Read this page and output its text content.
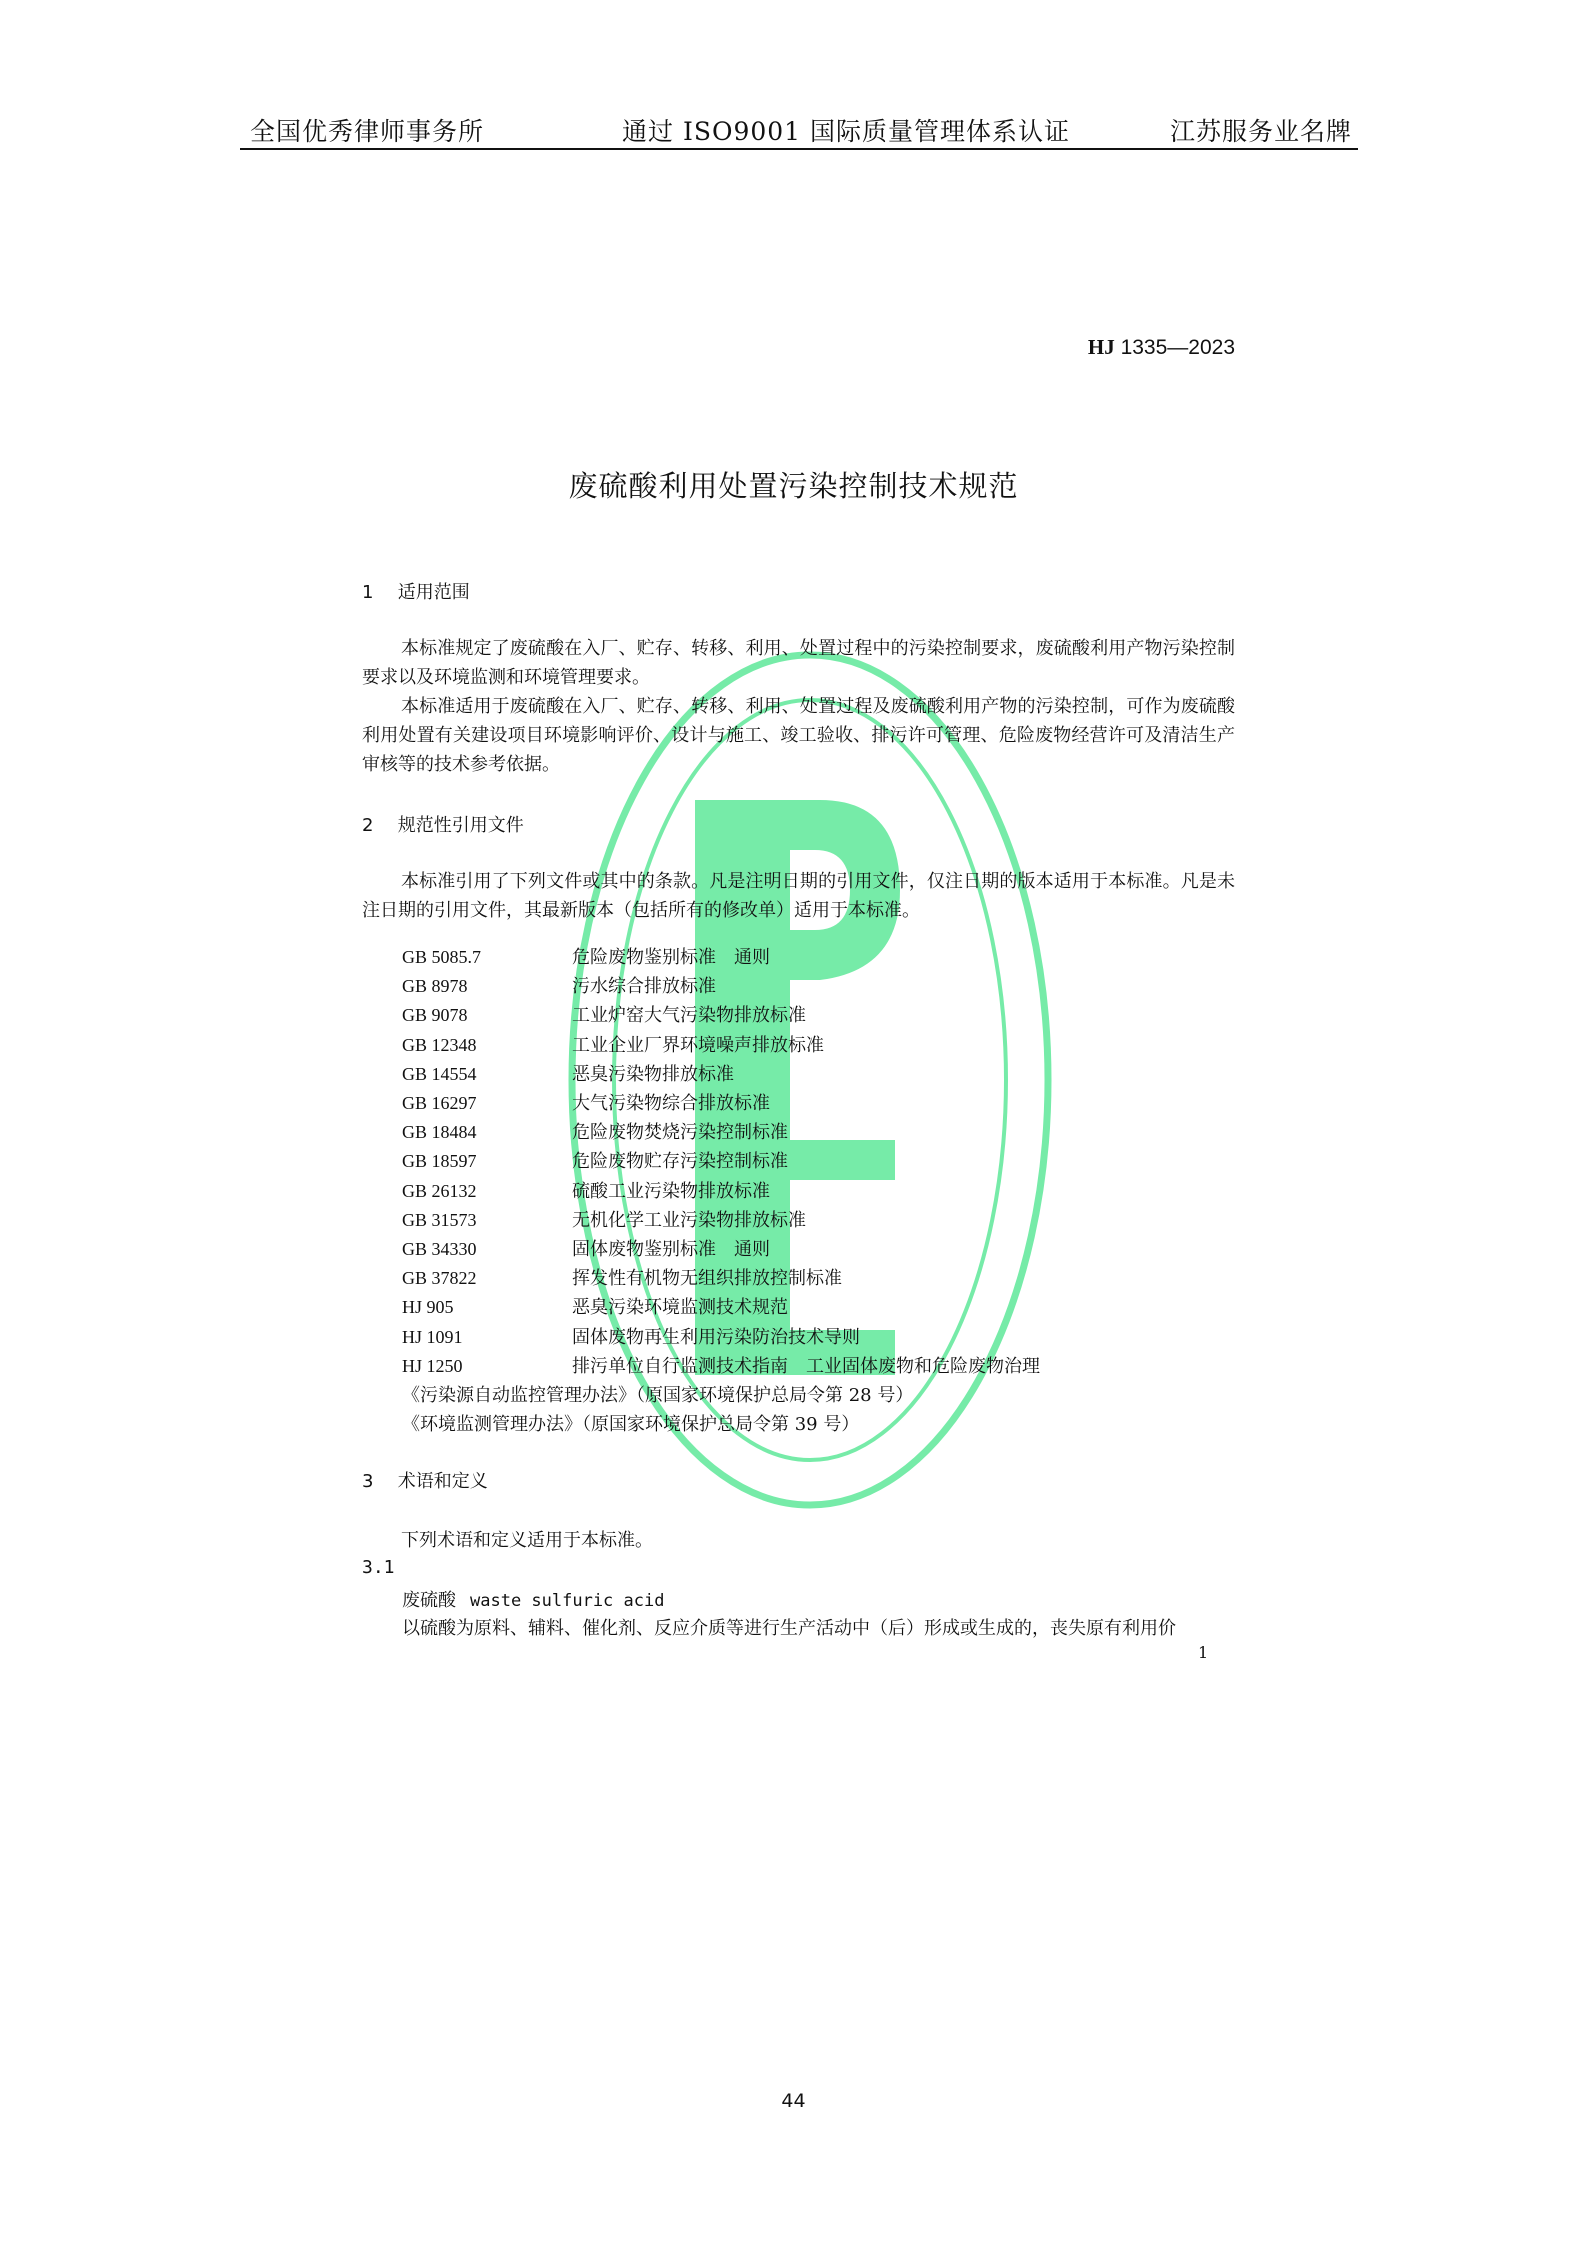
全国优秀律师事务所	通过 ISO9001 国际质量管理体系认证	江苏服务业名牌
HJ 1335—2023
废硫酸利用处置污染控制技术规范
1 适用范围
本标准规定了废硫酸在入厂、贮存、转移、利用、处置过程中的污染控制要求，废硫酸利用产物污染控制要求以及环境监测和环境管理要求。
本标准适用于废硫酸在入厂、贮存、转移、利用、处置过程及废硫酸利用产物的污染控制，可作为废硫酸利用处置有关建设项目环境影响评价、设计与施工、竣工验收、排污许可管理、危险废物经营许可及清洁生产审核等的技术参考依据。
2 规范性引用文件
本标准引用了下列文件或其中的条款。凡是注明日期的引用文件，仅注日期的版本适用于本标准。凡是未注日期的引用文件，其最新版本（包括所有的修改单）适用于本标准。
GB 5085.7	危险废物鉴别标准　通则
GB 8978	污水综合排放标准
GB 9078	工业炉窑大气污染物排放标准
GB 12348	工业企业厂界环境噪声排放标准
GB 14554	恶臭污染物排放标准
GB 16297	大气污染物综合排放标准
GB 18484	危险废物焚烧污染控制标准
GB 18597	危险废物贮存污染控制标准
GB 26132	硫酸工业污染物排放标准
GB 31573	无机化学工业污染物排放标准
GB 34330	固体废物鉴别标准　通则
GB 37822	挥发性有机物无组织排放控制标准
HJ 905	恶臭污染环境监测技术规范
HJ 1091	固体废物再生利用污染防治技术导则
HJ 1250	排污单位自行监测技术指南　工业固体废物和危险废物治理
《污染源自动监控管理办法》（原国家环境保护总局令第 28 号）
《环境监测管理办法》（原国家环境保护总局令第 39 号）
3 术语和定义
下列术语和定义适用于本标准。
3.1
废硫酸 waste sulfuric acid
以硫酸为原料、辅料、催化剂、反应介质等进行生产活动中（后）形成或生成的，丧失原有利用价
1
44
